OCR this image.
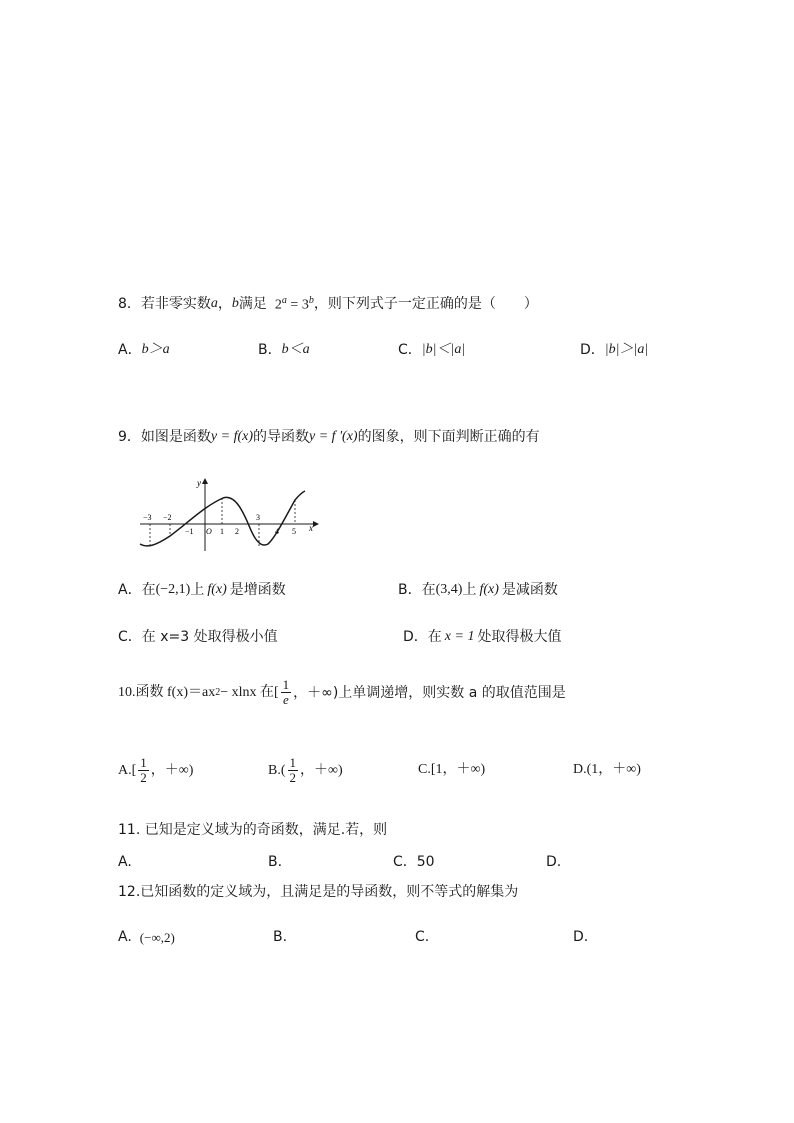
8．若非零实数 a ， b 满足 $2^a = 3^b$ ，则下列式子一定正确的是（　　）
A． b＞a	B． b＜a	C． |b|＜|a|	D． |b|＞|a|
9．如图是函数 y = f(x) 的导函数 y = f '(x) 的图象，则下面判断正确的有
y
x
O
−3 −2
−1	1 2
3
4 5
A．在 (−2,1) 上 f(x) 是增函数	B．在 (3,4) 上 f(x) 是减函数
C． 在 x=3 处取得极小值	D． 在 x = 1 处取得极大值
10.函数 f(x)＝ax 2 − xlnx 在[ $\frac{1}{e}$ ，＋∞)上单调递增，则实数 a 的取值范围是
$A.[ \frac{1}{2}$ ，＋∞)	$B.( \frac{1}{2}$ ，＋∞)	C. [1，＋∞)	D. (1，＋∞)
11. 已知是定义域为的奇函数，满足.若，则
A.	B.	C．50	D.
12.已知函数的定义域为，且满足是的导函数，则不等式的解集为
A. (−∞,2)	B.	C.	D.
